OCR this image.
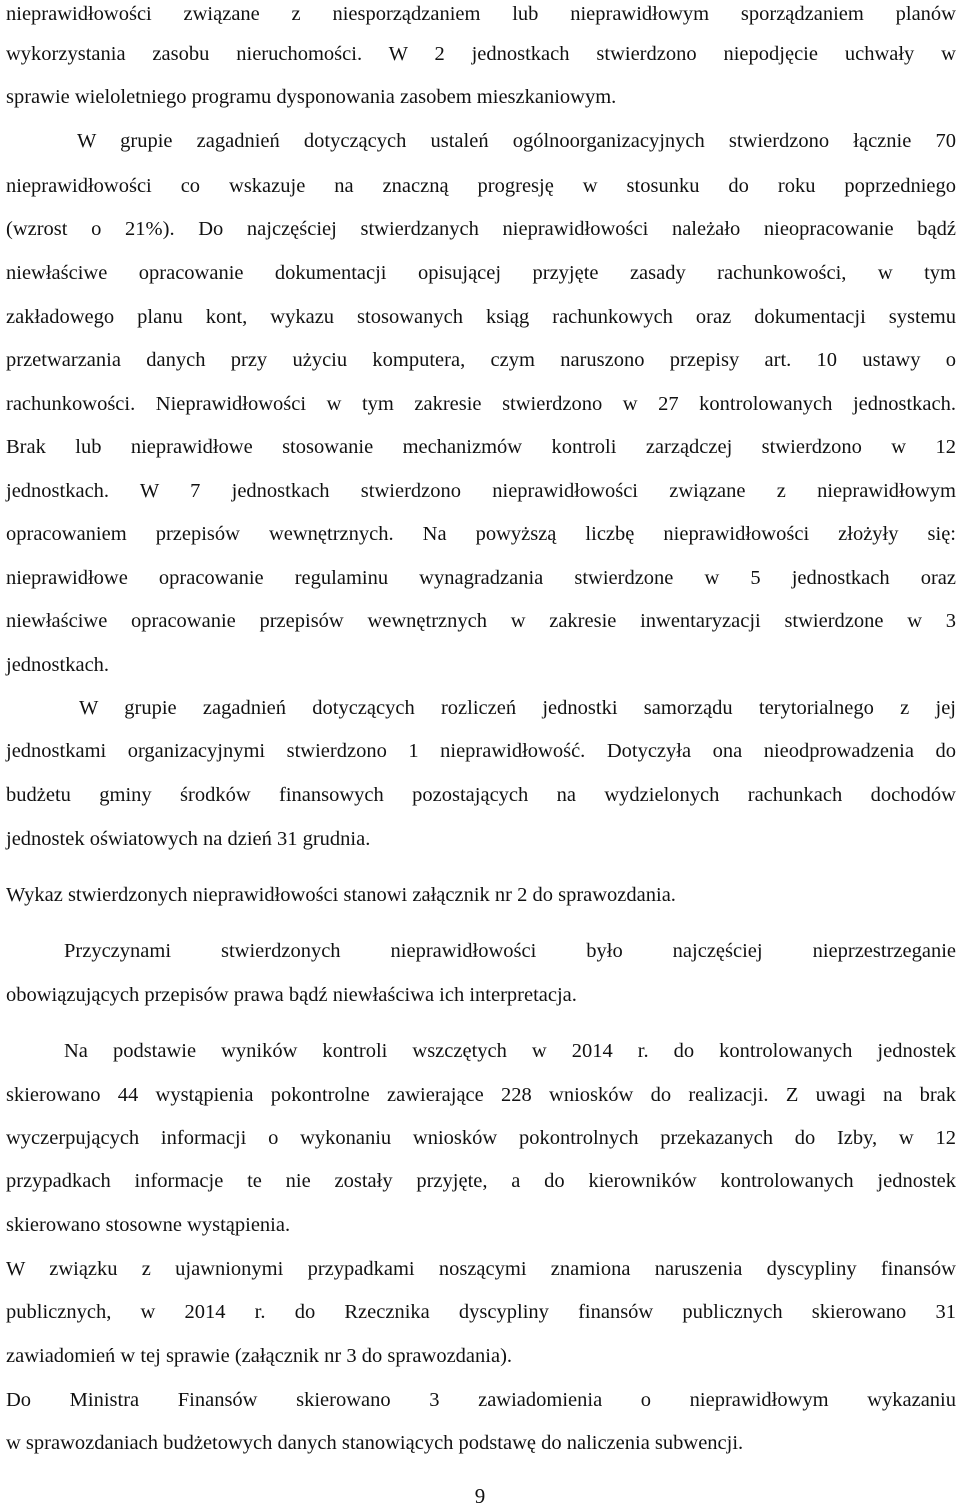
nieprawidłowości związane z niesporządzaniem lub nieprawidłowym sporządzaniem planów
wykorzystania zasobu nieruchomości. W 2 jednostkach stwierdzono niepodjęcie uchwały w
sprawie wieloletniego programu dysponowania zasobem mieszkaniowym.
W grupie zagadnień dotyczących ustaleń ogólnoorganizacyjnych stwierdzono łącznie 70
nieprawidłowości co wskazuje na znaczną progresję w stosunku do roku poprzedniego
(wzrost o 21%). Do najczęściej stwierdzanych nieprawidłowości należało nieopracowanie bądź
niewłaściwe opracowanie dokumentacji opisującej przyjęte zasady rachunkowości, w tym
zakładowego planu kont, wykazu stosowanych ksiąg rachunkowych oraz dokumentacji systemu
przetwarzania danych przy użyciu komputera, czym naruszono przepisy art. 10 ustawy o
rachunkowości. Nieprawidłowości w tym zakresie stwierdzono w 27 kontrolowanych jednostkach.
Brak lub nieprawidłowe stosowanie mechanizmów kontroli zarządczej stwierdzono w 12
jednostkach. W 7 jednostkach stwierdzono nieprawidłowości związane z nieprawidłowym
opracowaniem przepisów wewnętrznych. Na powyższą liczbę nieprawidłowości złożyły się:
nieprawidłowe opracowanie regulaminu wynagradzania stwierdzone w 5 jednostkach oraz
niewłaściwe opracowanie przepisów wewnętrznych w zakresie inwentaryzacji stwierdzone w 3
jednostkach.
W grupie zagadnień dotyczących rozliczeń jednostki samorządu terytorialnego z jej
jednostkami organizacyjnymi stwierdzono 1 nieprawidłowość. Dotyczyła ona nieodprowadzenia do
budżetu gminy środków finansowych pozostających na wydzielonych rachunkach dochodów
jednostek oświatowych na dzień 31 grudnia.
Wykaz stwierdzonych nieprawidłowości stanowi załącznik nr 2 do sprawozdania.
Przyczynami stwierdzonych nieprawidłowości było najczęściej nieprzestrzeganie
obowiązujących przepisów prawa bądź niewłaściwa ich interpretacja.
Na podstawie wyników kontroli wszczętych w 2014 r. do kontrolowanych jednostek
skierowano 44 wystąpienia pokontrolne zawierające 228 wniosków do realizacji. Z uwagi na brak
wyczerpujących informacji o wykonaniu wniosków pokontrolnych przekazanych do Izby, w 12
przypadkach informacje te nie zostały przyjęte, a do kierowników kontrolowanych jednostek
skierowano stosowne wystąpienia.
W związku z ujawnionymi przypadkami noszącymi znamiona naruszenia dyscypliny finansów
publicznych, w 2014 r. do Rzecznika dyscypliny finansów publicznych skierowano 31
zawiadomień w tej sprawie (załącznik nr 3 do sprawozdania).
Do Ministra Finansów skierowano 3 zawiadomienia o nieprawidłowym wykazaniu
w sprawozdaniach budżetowych danych stanowiących podstawę do naliczenia subwencji.
9
